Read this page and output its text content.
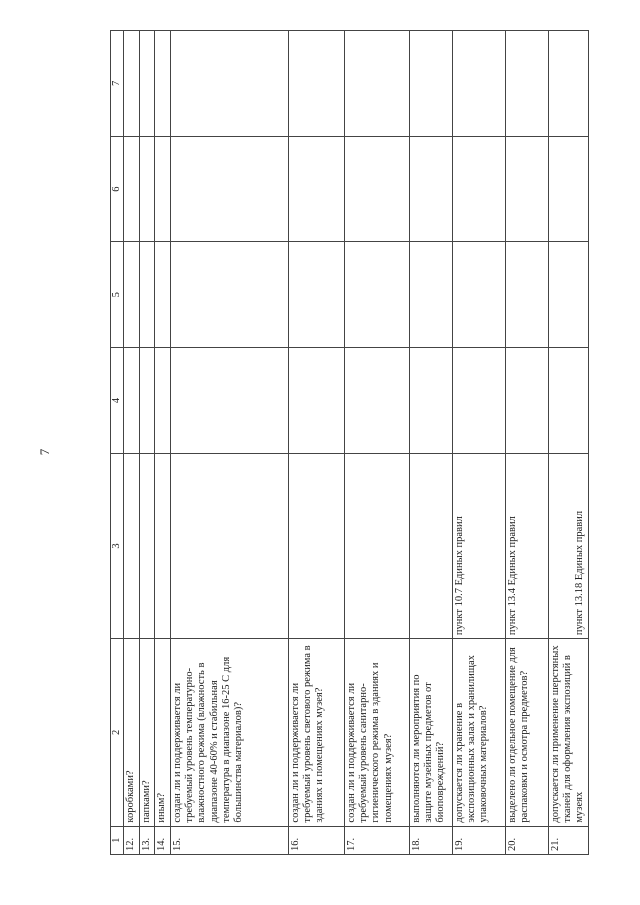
7
1	2	3	4	5	6	7
12.	коробками?					
13.	папками?					
14.	иным?					
15.	создан ли и поддерживается ли требуемый уровень температурно-влажностного режима (влажность в диапазоне 40-60% и стабильная температура в диапазоне 16-25 С для большинства материалов)?					
16.	создан ли и поддерживается ли требуемый уровень светового режима в зданиях и помещениях музея?					
17.	создан ли и поддерживается ли требуемый уровень санитарно-гигиенического режима в зданиях и помещениях музея?					
18.	выполняются ли мероприятия по защите музейных предметов от биоповреждений?					
19.	допускается ли хранение в экспозиционных залах и хранилищах упаковочных материалов?	пункт 10.7 Единых правил				
20.	выделено ли отдельное помещение для распаковки и осмотра предметов?	пункт 13.4 Единых правил				
21.	допускается ли применение шерстяных тканей для оформления экспозиций в музеях	пункт 13.18 Единых правил				
